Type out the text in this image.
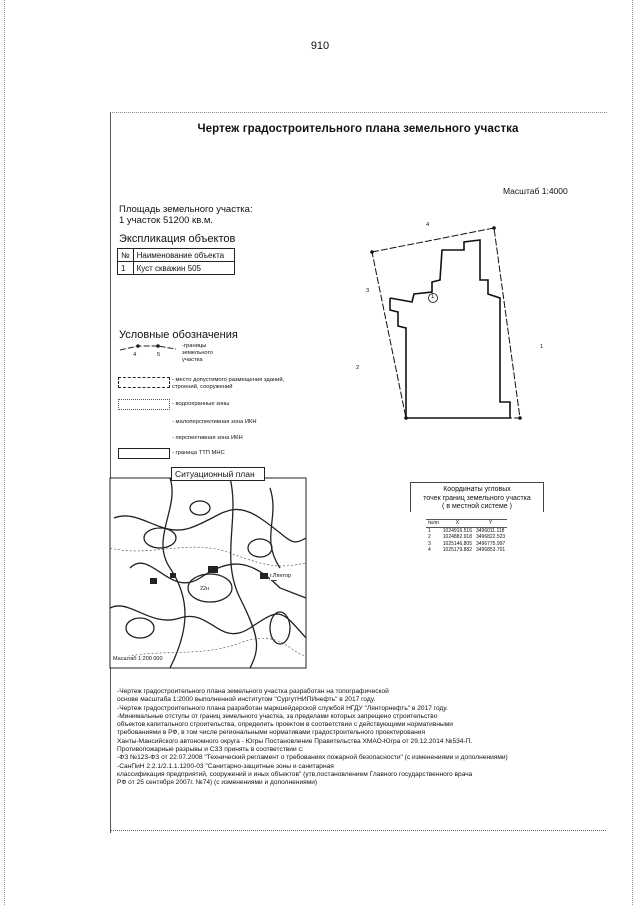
910
Чертеж градостроительного плана земельного участка
Масштаб 1:4000
Площадь земельного участка:
1 участок 51200 кв.м.
Экспликация объектов
№	Наименование объекта
1	Куст скважин 505
Условные обозначения
4	5
-границы земельного участка
- место допустимого размещения зданий, строений, сооружений
- водоохранные зоны
- малоперспективная зона ИКН
- перспективная зона ИКН
- граница ТТП МНС
1
1
2
3
4
Ситуационный план
г.Лянтор
22н
Масштаб 1:200 000
Координаты угловых
точек границ земельного участка
( в местной системе )
№пп	X	Y
1	1024916.516	3496011.118
2	1024882.918	3496822.523
3	1025146.805	3496775.997
4	1025179.882	3496853.701
-Чертеж градостроительного плана земельного участка разработан на топографической
основе масштаба 1:2000 выполненной институтом "СургутНИПИнефть" в 2017 году.
-Чертеж градостроительного плана разработан маркшейдерской службой НГДУ "Лянторнефть" в 2017 году.
-Минимальные отступы от границ земельного участка, за пределами которых запрещено строительство
объектов капитального строительства, определить проектом в соответствии с действующими нормативными
требованиями в РФ, в том числе региональными нормативами градостроительного проектирования
Ханты-Мансийского автономного округа - Югры Постановление Правительства ХМАО-Югра от 29.12.2014 №534-П.
Противопожарные разрывы и СЗЗ принять в соответствии с:
-ФЗ №123-ФЗ от 22.07.2008 "Технический регламент о требованиях пожарной безопасности" (с изменениями и дополнениями)
-СанПиН 2.2.1/2.1.1.1200-03 "Санитарно-защитные зоны и санитарная
классификация предприятий, сооружений и иных объектов" (утв.постановлением Главного государственного врача
РФ от 25 сентября 2007г. №74) (с изменениями и дополнениями)
